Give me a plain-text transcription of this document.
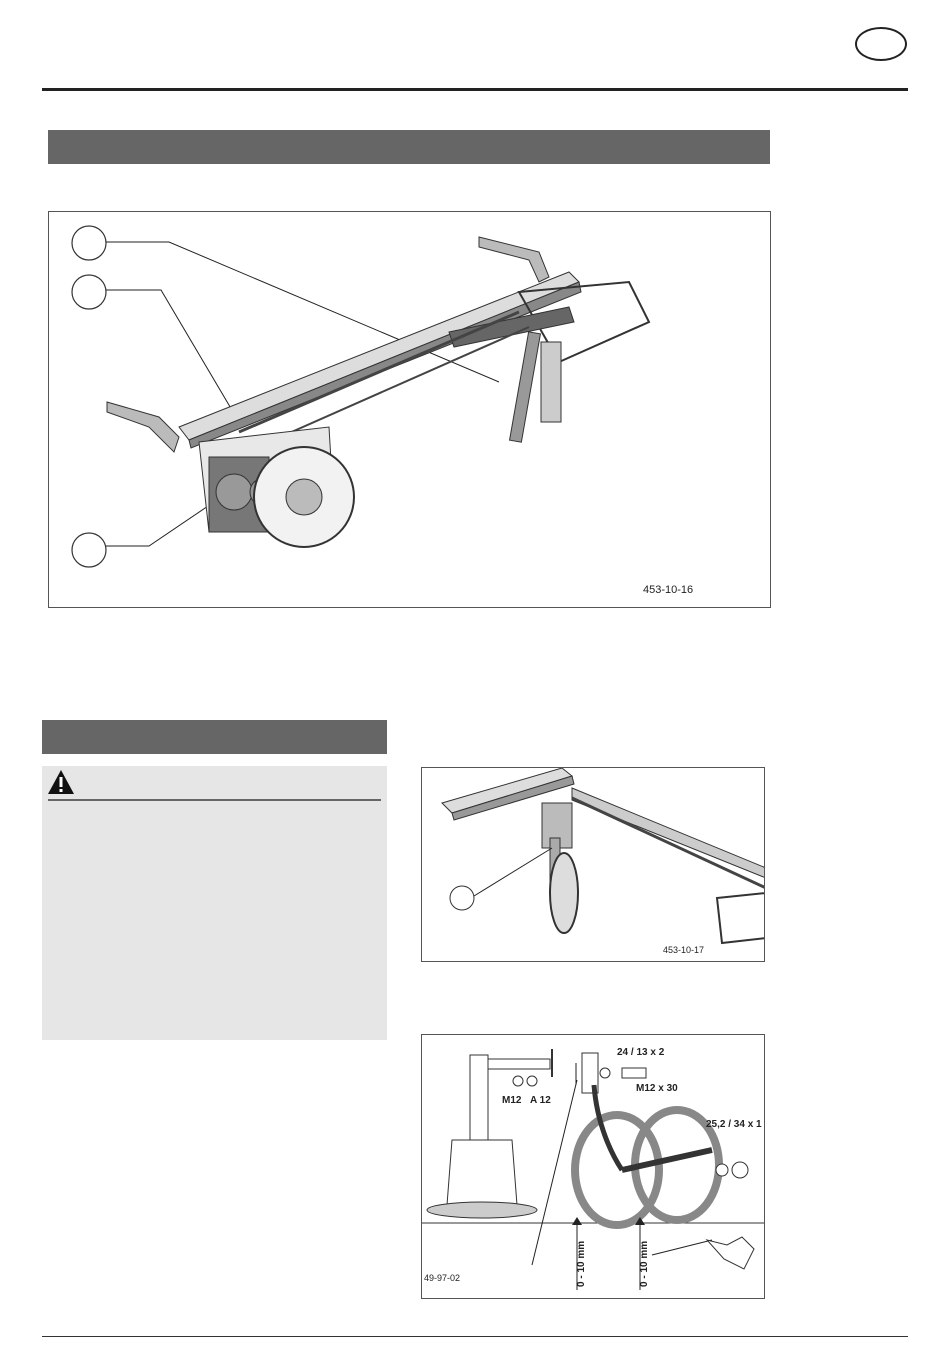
453-10-16
453-10-17
24 / 13 x 2
M12 x 30
M12 A 12
25,2 / 34 x 1
0 - 10 mm	0 - 10 mm
49-97-02
